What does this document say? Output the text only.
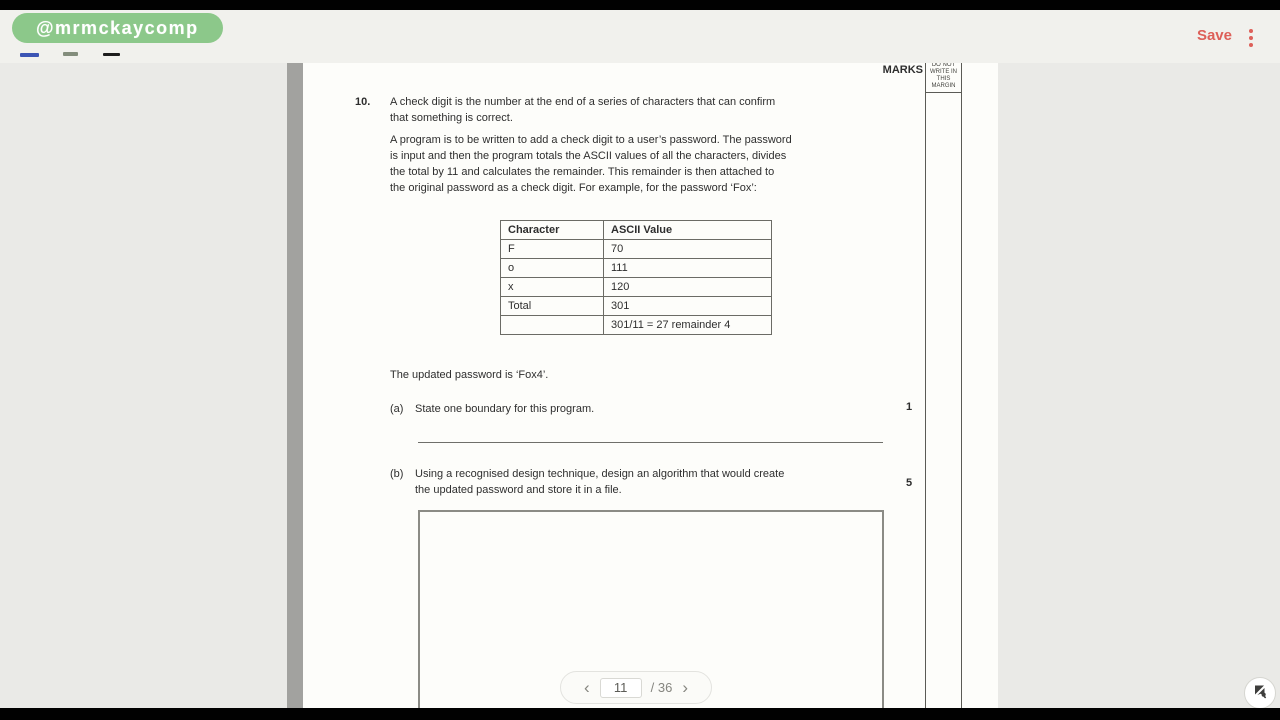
@mrmckaycomp	Save
MARKS	DO NOT
WRITE IN
THIS
MARGIN
10. A check digit is the number at the end of a series of characters that can confirm
that something is correct.
A program is to be written to add a check digit to a user’s password. The password
is input and then the program totals the ASCII values of all the characters, divides
the total by 11 and calculates the remainder. This remainder is then attached to
the original password as a check digit. For example, for the password ‘Fox’:
Character	ASCII Value
F	70
o	111
x	120
Total	301
	301/11 = 27 remainder 4
The updated password is ‘Fox4’.
(a) State one boundary for this program.	1
(b) Using a recognised design technique, design an algorithm that would create
the updated password and store it in a file.
5
‹
11	/ 36 ›
